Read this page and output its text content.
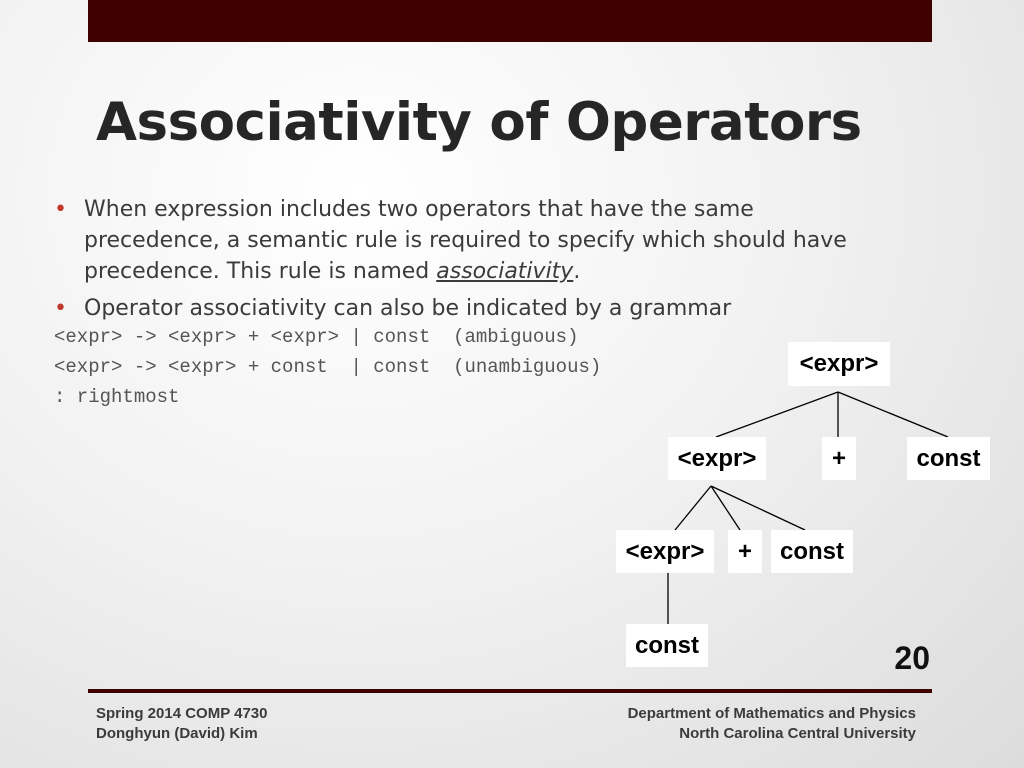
Associativity of Operators
• When expression includes two operators that have the same precedence, a semantic rule is required to specify which should have precedence. This rule is named associativity.
• Operator associativity can also be indicated by a grammar
<expr> -> <expr> + <expr> | const  (ambiguous)
<expr> -> <expr> + const  | const  (unambiguous)
: rightmost
<expr>
<expr>	+	const
<expr>	+	const
const	20
Spring 2014 COMP 4730
Donghyun (David) Kim
Department of Mathematics and Physics
North Carolina Central University
